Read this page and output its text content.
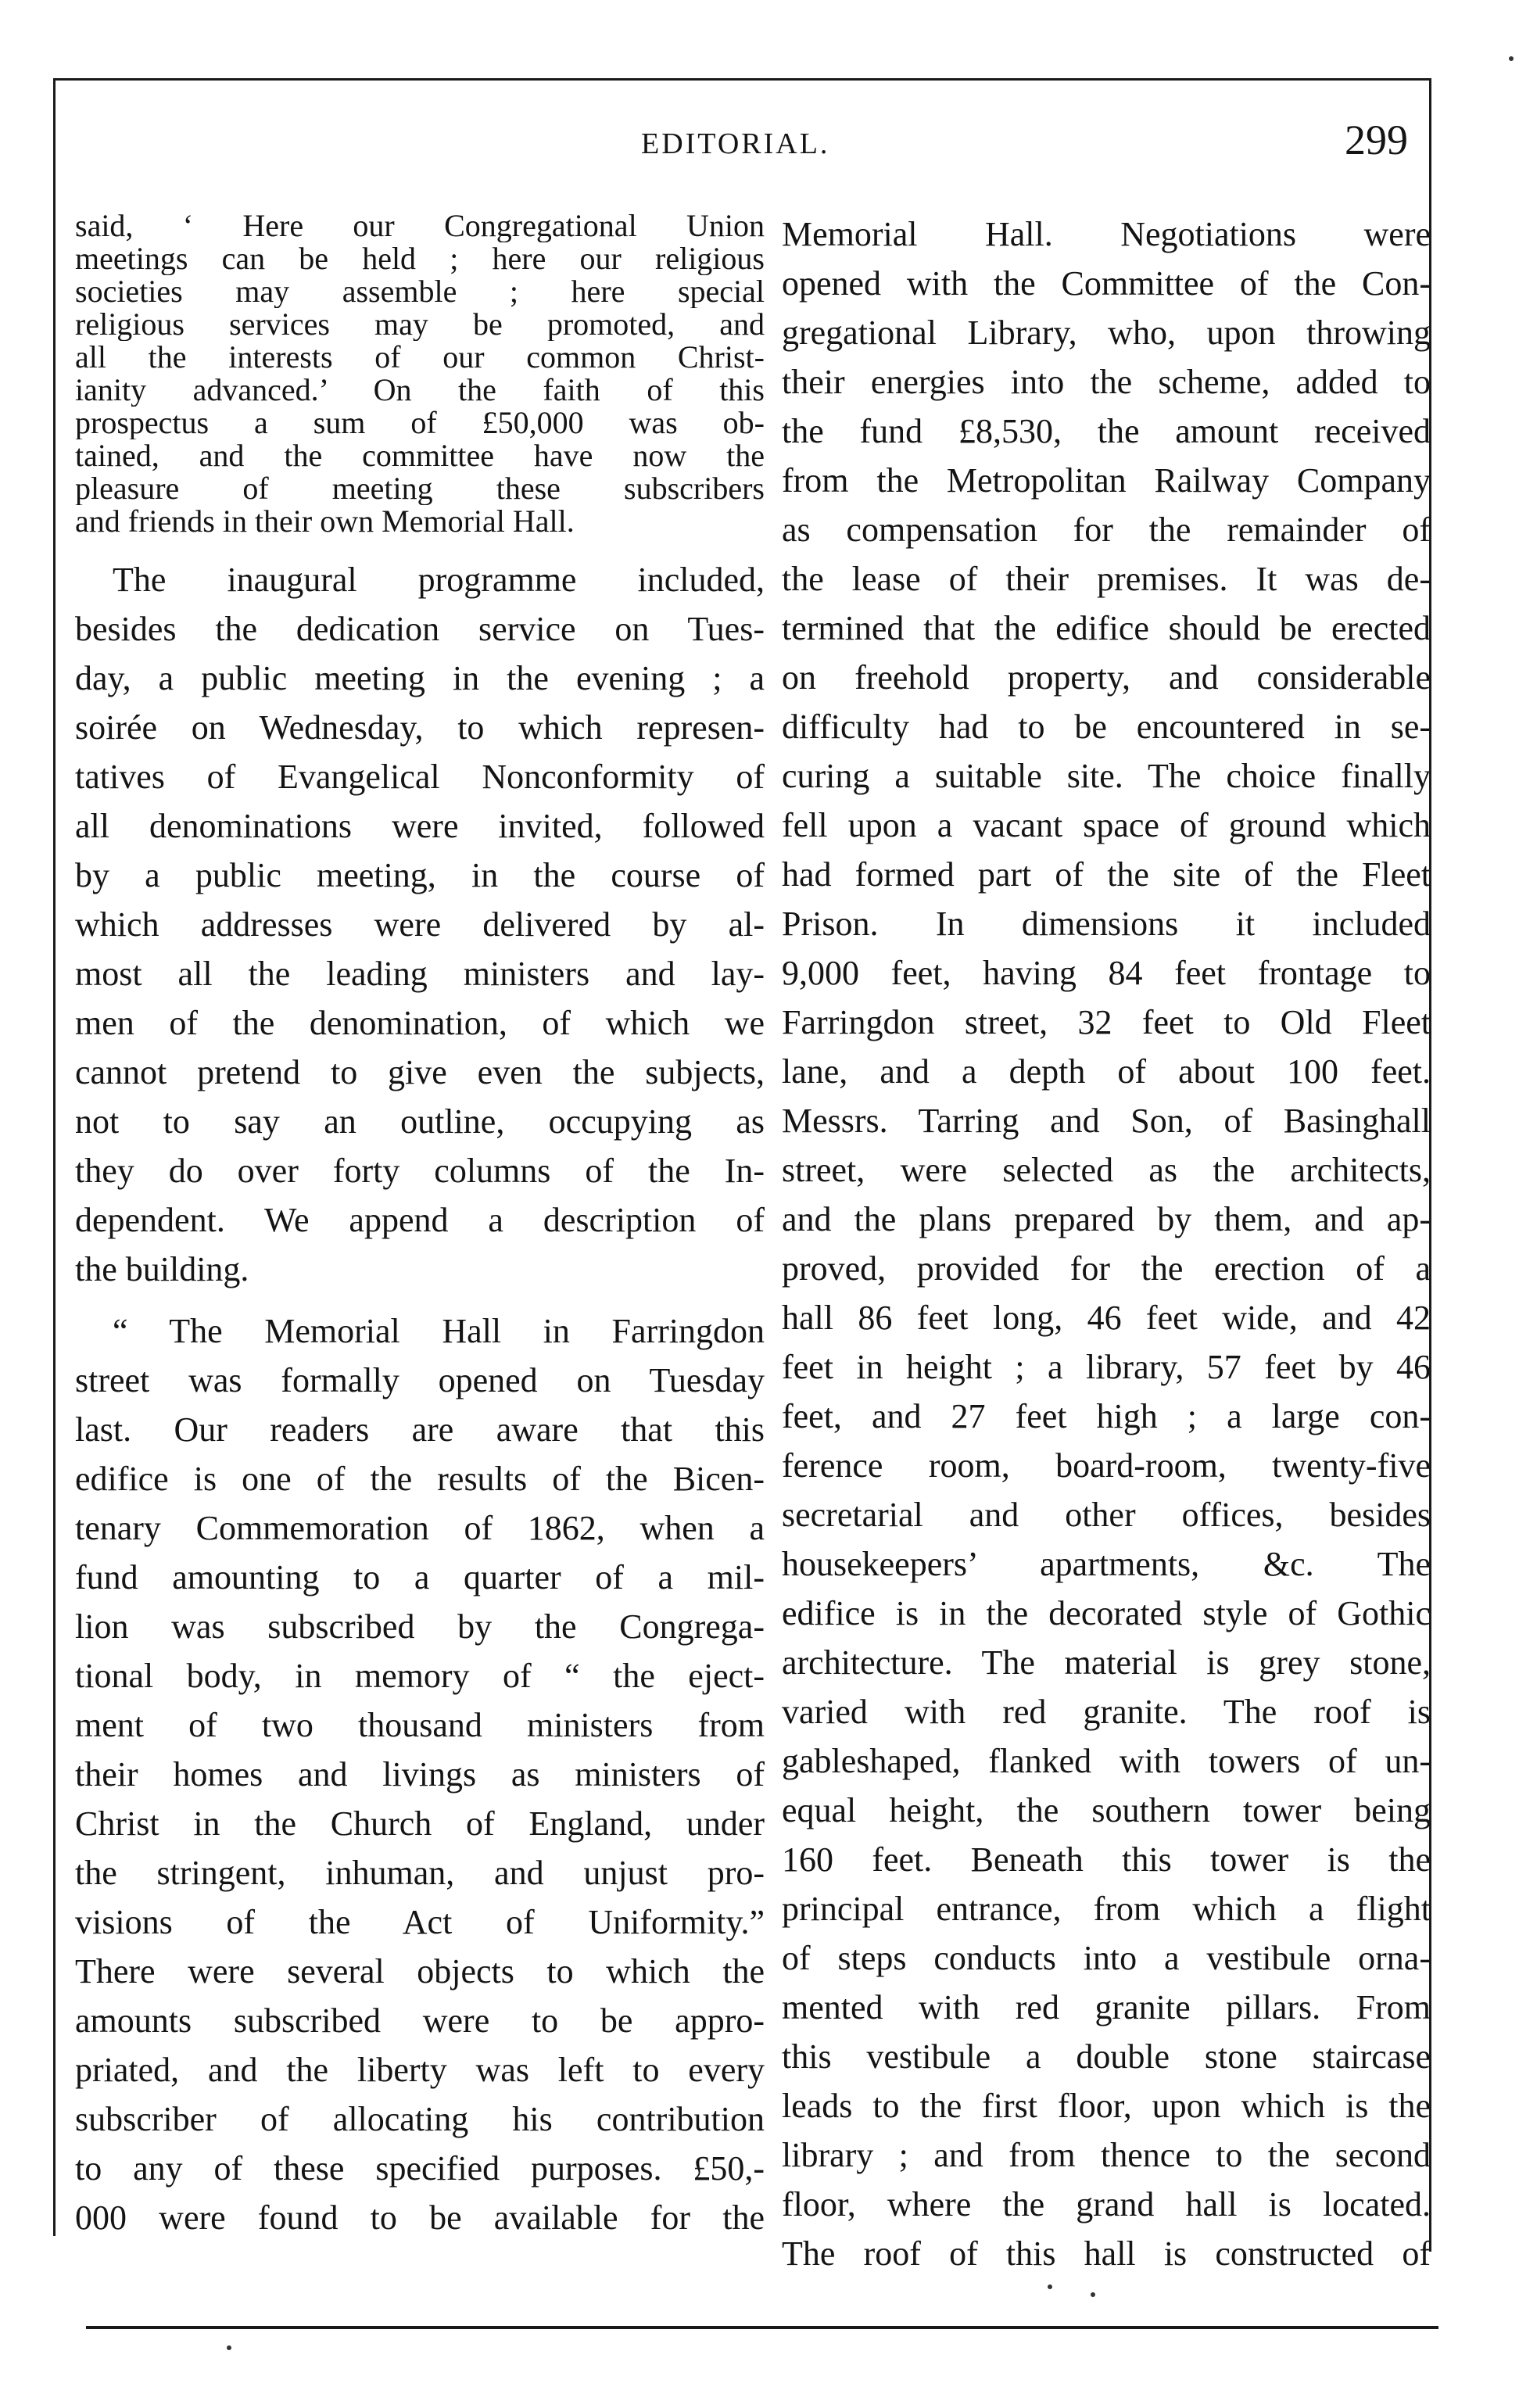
EDITORIAL.	299
said, ‘ Here our Congregational Union
meetings can be held ; here our religious
societies may assemble ; here special
religious services may be promoted, and
all the interests of our common Christ-
ianity advanced.’ On the faith of this
prospectus a sum of £50,000 was ob-
tained, and the committee have now the
pleasure of meeting these subscribers
and friends in their own Memorial Hall.
The inaugural programme included,
besides the dedication service on Tues-
day, a public meeting in the evening ; a
soirée on Wednesday, to which represen-
tatives of Evangelical Nonconformity of
all denominations were invited, followed
by a public meeting, in the course of
which addresses were delivered by al-
most all the leading ministers and lay-
men of the denomination, of which we
cannot pretend to give even the subjects,
not to say an outline, occupying as
they do over forty columns of the In-
dependent. We append a description of
the building.
“ The Memorial Hall in Farringdon
street was formally opened on Tuesday
last. Our readers are aware that this
edifice is one of the results of the Bicen-
tenary Commemoration of 1862, when a
fund amounting to a quarter of a mil-
lion was subscribed by the Congrega-
tional body, in memory of “ the eject-
ment of two thousand ministers from
their homes and livings as ministers of
Christ in the Church of England, under
the stringent, inhuman, and unjust pro-
visions of the Act of Uniformity.”
There were several objects to which the
amounts subscribed were to be appro-
priated, and the liberty was left to every
subscriber of allocating his contribution
to any of these specified purposes. £50,-
000 were found to be available for the
Memorial Hall. Negotiations were
opened with the Committee of the Con-
gregational Library, who, upon throwing
their energies into the scheme, added to
the fund £8,530, the amount received
from the Metropolitan Railway Company
as compensation for the remainder of
the lease of their premises. It was de-
termined that the edifice should be erected
on freehold property, and considerable
difficulty had to be encountered in se-
curing a suitable site. The choice finally
fell upon a vacant space of ground which
had formed part of the site of the Fleet
Prison. In dimensions it included
9,000 feet, having 84 feet frontage to
Farringdon street, 32 feet to Old Fleet
lane, and a depth of about 100 feet.
Messrs. Tarring and Son, of Basinghall
street, were selected as the architects,
and the plans prepared by them, and ap-
proved, provided for the erection of a
hall 86 feet long, 46 feet wide, and 42
feet in height ; a library, 57 feet by 46
feet, and 27 feet high ; a large con-
ference room, board-room, twenty-five
secretarial and other offices, besides
housekeepers’ apartments, &c. The
edifice is in the decorated style of Gothic
architecture. The material is grey stone,
varied with red granite. The roof is
gableshaped, flanked with towers of un-
equal height, the southern tower being
160 feet. Beneath this tower is the
principal entrance, from which a flight
of steps conducts into a vestibule orna-
mented with red granite pillars. From
this vestibule a double stone staircase
leads to the first floor, upon which is the
library ; and from thence to the second
floor, where the grand hall is located.
The roof of this hall is constructed of
